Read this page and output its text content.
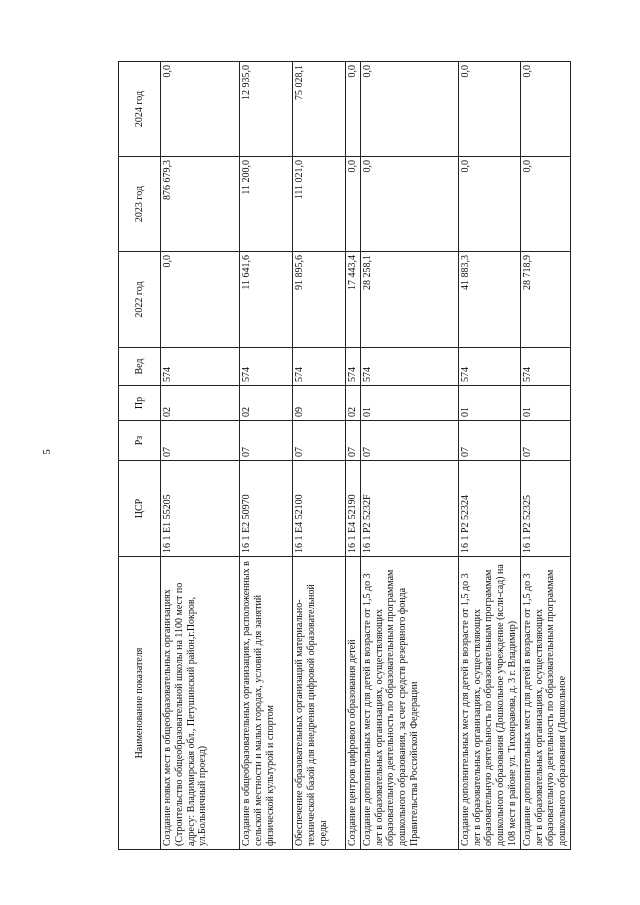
5
Наименование показателя	ЦСР	Рз	Пр	Вед	2022 год	2023 год	2024 год
Создание новых мест в общеобразовательных организациях (Строительство общеобразовательной школы на 1100 мест по адресу: Владимирская обл., Петушинский район,г.Покров, ул.Больничный проезд)	16 1 E1 55205	07	02	574	0,0	876 679,3	0,0
Создание в общеобразовательных организациях, расположенных в сельской местности и малых городах, условий для занятий физической культурой и спортом	16 1 E2 50970	07	02	574	11 641,6	11 200,0	12 935,0
Обеспечение образовательных организаций материально-технической базой для внедрения цифровой образовательной среды	16 1 E4 52100	07	09	574	91 895,6	111 021,0	75 028,1
Создание центров цифрового образования детей	16 1 E4 52190	07	02	574	17 443,4	0,0	0,0
Создание дополнительных мест для детей в возрасте от 1,5 до 3 лет в образовательных организациях, осуществляющих образовательную деятельность по образовательным программам дошкольного образования, за счет средств резервного фонда Правительства Российской Федерации	16 1 P2 5232F	07	01	574	28 258,1	0,0	0,0
Создание дополнительных мест для детей в возрасте от 1,5 до 3 лет в образовательных организациях, осуществляющих образовательную деятельность по образовательным программам дошкольного образования (Дошкольное учреждение (ясли-сад) на 108 мест в районе ул. Тихонравова, д. 3 г. Владимир)	16 1 P2 52324	07	01	574	41 883,3	0,0	0,0
Создание дополнительных мест для детей в возрасте от 1,5 до 3 лет в образовательных организациях, осуществляющих образовательную деятельность по образовательным программам дошкольного образования (Дошкольное	16 1 P2 52325	07	01	574	28 718,9	0,0	0,0
